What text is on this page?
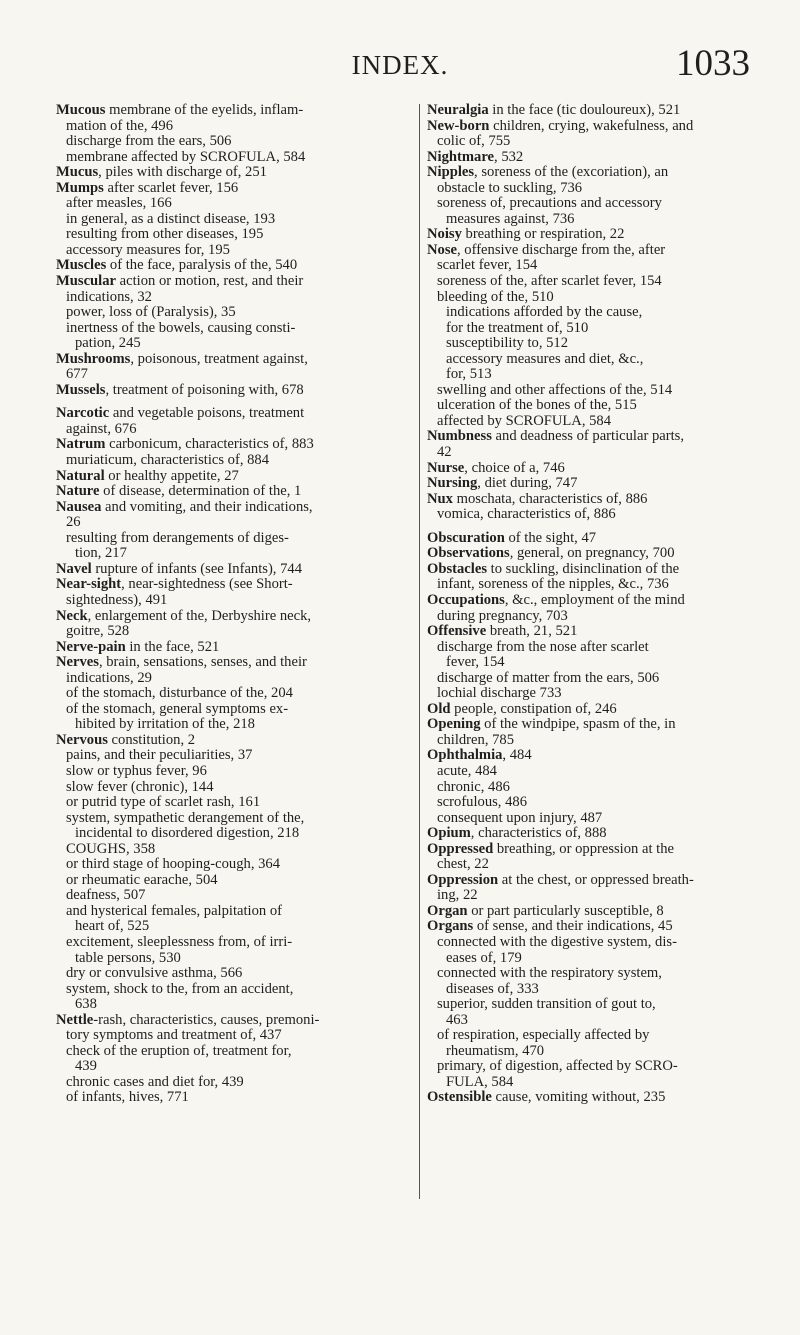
INDEX.	1033
Mucous membrane of the eyelids, inflam-
mation of the, 496
discharge from the ears, 506
membrane affected by SCROFULA, 584
Mucus, piles with discharge of, 251
Mumps after scarlet fever, 156
after measles, 166
in general, as a distinct disease, 193
resulting from other diseases, 195
accessory measures for, 195
Muscles of the face, paralysis of the, 540
Muscular action or motion, rest, and their
indications, 32
power, loss of (Paralysis), 35
inertness of the bowels, causing consti-
pation, 245
Mushrooms, poisonous, treatment against,
677
Mussels, treatment of poisoning with, 678
Narcotic and vegetable poisons, treatment
against, 676
Natrum carbonicum, characteristics of, 883
muriaticum, characteristics of, 884
Natural or healthy appetite, 27
Nature of disease, determination of the, 1
Nausea and vomiting, and their indications,
26
resulting from derangements of diges-
tion, 217
Navel rupture of infants (see Infants), 744
Near-sight, near-sightedness (see Short-
sightedness), 491
Neck, enlargement of the, Derbyshire neck,
goitre, 528
Nerve-pain in the face, 521
Nerves, brain, sensations, senses, and their
indications, 29
of the stomach, disturbance of the, 204
of the stomach, general symptoms ex-
hibited by irritation of the, 218
Nervous constitution, 2
pains, and their peculiarities, 37
slow or typhus fever, 96
slow fever (chronic), 144
or putrid type of scarlet rash, 161
system, sympathetic derangement of the,
incidental to disordered digestion, 218
COUGHS, 358
or third stage of hooping-cough, 364
or rheumatic earache, 504
deafness, 507
and hysterical females, palpitation of
heart of, 525
excitement, sleeplessness from, of irri-
table persons, 530
dry or convulsive asthma, 566
system, shock to the, from an accident,
638
Nettle-rash, characteristics, causes, premoni-
tory symptoms and treatment of, 437
check of the eruption of, treatment for,
439
chronic cases and diet for, 439
of infants, hives, 771
Neuralgia in the face (tic douloureux), 521
New-born children, crying, wakefulness, and
colic of, 755
Nightmare, 532
Nipples, soreness of the (excoriation), an
obstacle to suckling, 736
soreness of, precautions and accessory
measures against, 736
Noisy breathing or respiration, 22
Nose, offensive discharge from the, after
scarlet fever, 154
soreness of the, after scarlet fever, 154
bleeding of the, 510
indications afforded by the cause,
for the treatment of, 510
susceptibility to, 512
accessory measures and diet, &c.,
for, 513
swelling and other affections of the, 514
ulceration of the bones of the, 515
affected by SCROFULA, 584
Numbness and deadness of particular parts,
42
Nurse, choice of a, 746
Nursing, diet during, 747
Nux moschata, characteristics of, 886
vomica, characteristics of, 886
Obscuration of the sight, 47
Observations, general, on pregnancy, 700
Obstacles to suckling, disinclination of the
infant, soreness of the nipples, &c., 736
Occupations, &c., employment of the mind
during pregnancy, 703
Offensive breath, 21, 521
discharge from the nose after scarlet
fever, 154
discharge of matter from the ears, 506
lochial discharge 733
Old people, constipation of, 246
Opening of the windpipe, spasm of the, in
children, 785
Ophthalmia, 484
acute, 484
chronic, 486
scrofulous, 486
consequent upon injury, 487
Opium, characteristics of, 888
Oppressed breathing, or oppression at the
chest, 22
Oppression at the chest, or oppressed breath-
ing, 22
Organ or part particularly susceptible, 8
Organs of sense, and their indications, 45
connected with the digestive system, dis-
eases of, 179
connected with the respiratory system,
diseases of, 333
superior, sudden transition of gout to,
463
of respiration, especially affected by
rheumatism, 470
primary, of digestion, affected by SCRO-
FULA, 584
Ostensible cause, vomiting without, 235
